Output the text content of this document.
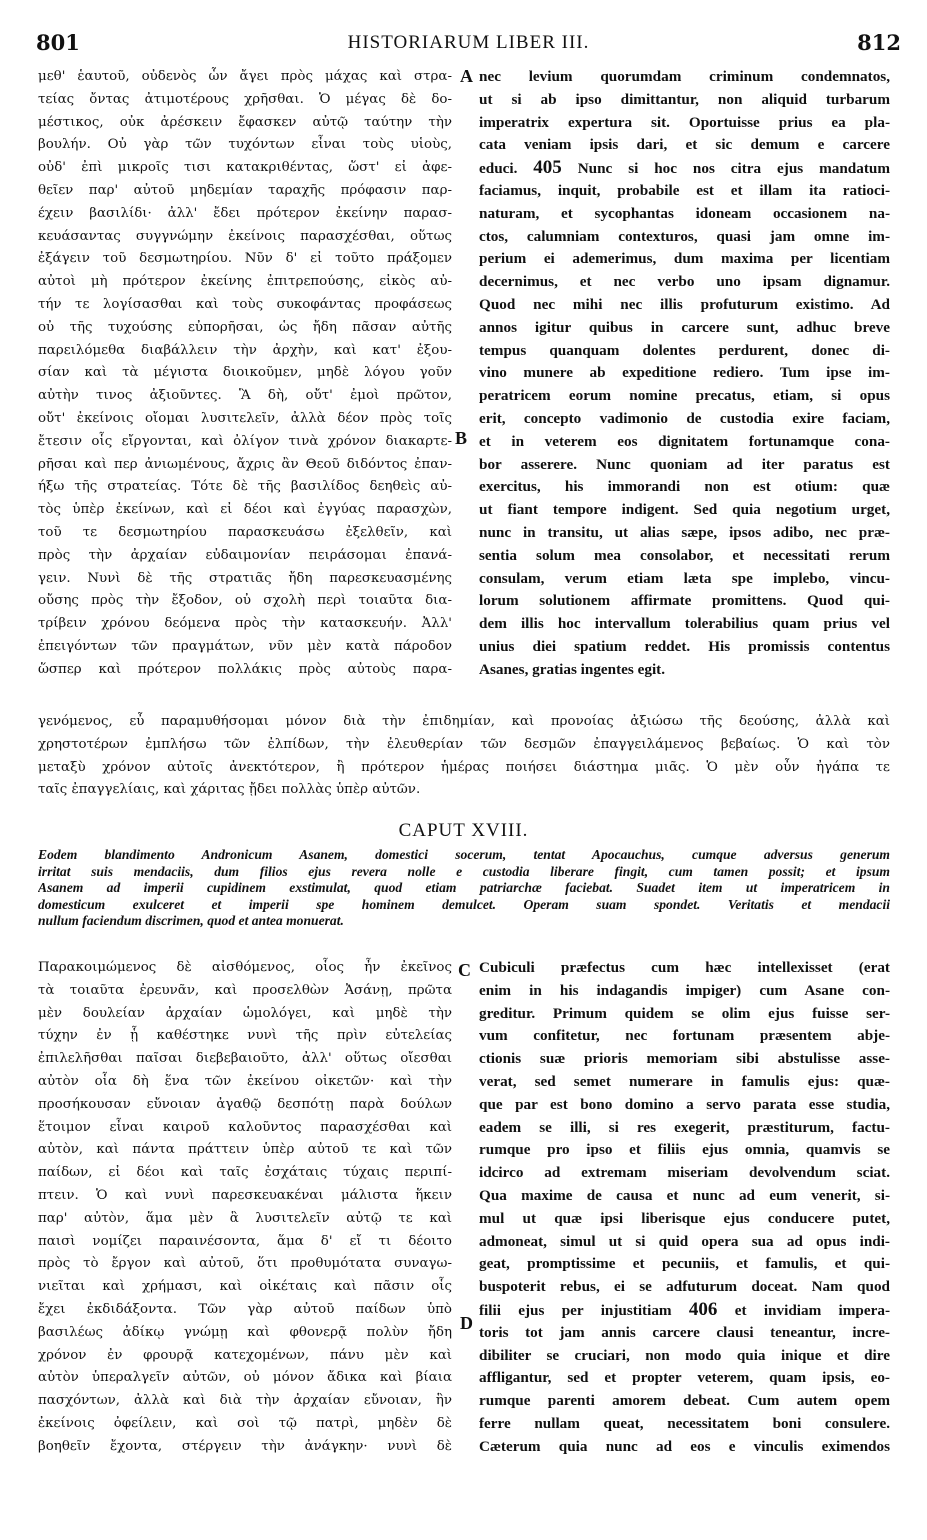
801	HISTORIARUM LIBER III.	812
μεθ' ἑαυτοῦ, οὐδενὸς ὧν ἄγει πρὸς μάχας καὶ στρα-
τείας ὄντας ἀτιμοτέρους χρῆσθαι. Ὁ μέγας δὲ δο-
μέστικος, οὐκ ἀρέσκειν ἔφασκεν αὐτῷ ταύτην τὴν
βουλήν. Οὐ γὰρ τῶν τυχόντων εἶναι τοὺς υἱοὺς,
οὐδ' ἐπὶ μικροῖς τισι κατακριθέντας, ὥστ' εἰ ἀφε-
θεῖεν παρ' αὐτοῦ μηδεμίαν ταραχῆς πρόφασιν παρ-
έχειν βασιλίδι· ἀλλ' ἔδει πρότερον ἐκείνην παρασ-
κευάσαντας συγγνώμην ἐκείνοις παρασχέσθαι, οὕτως
ἐξάγειν τοῦ δεσμωτηρίου. Νῦν δ' εἰ τοῦτο πράξομεν
αὐτοὶ μὴ πρότερον ἐκείνης ἐπιτρεπούσης, εἰκὸς αὐ-
τήν τε λογίσασθαι καὶ τοὺς συκοφάντας προφάσεως
οὐ τῆς τυχούσης εὐπορῆσαι, ὡς ἤδη πᾶσαν αὐτῆς
παρειλόμεθα διαβάλλειν τὴν ἀρχὴν, καὶ κατ' ἐξου-
σίαν καὶ τὰ μέγιστα διοικοῦμεν, μηδὲ λόγου γοῦν
αὐτὴν τινος ἀξιοῦντες. Ἃ δὴ, οὔτ' ἐμοὶ πρῶτον,
οὔτ' ἐκείνοις οἴομαι λυσιτελεῖν, ἀλλὰ δέον πρὸς τοῖς
ἔτεσιν οἷς εἴργονται, καὶ ὀλίγον τινὰ χρόνον διακαρτε-
ρῆσαι καὶ περ ἀνιωμένους, ἄχρις ἂν Θεοῦ διδόντος ἐπαν-
ήξω τῆς στρατείας. Τότε δὲ τῆς βασιλίδος δεηθεὶς αὐ-
τὸς ὑπὲρ ἐκείνων, καὶ εἰ δέοι καὶ ἐγγύας παρασχὼν,
τοῦ τε δεσμωτηρίου παρασκευάσω ἐξελθεῖν, καὶ
πρὸς τὴν ἀρχαίαν εὐδαιμονίαν πειράσομαι ἐπανά-
γειν. Νυνὶ δὲ τῆς στρατιᾶς ἤδη παρεσκευασμένης
οὔσης πρὸς τὴν ἔξοδον, οὐ σχολὴ περὶ τοιαῦτα δια-
τρίβειν χρόνου δεόμενα πρὸς τὴν κατασκευήν. Ἀλλ'
ἐπειγόντων τῶν πραγμάτων, νῦν μὲν κατὰ πάροδον
ὥσπερ καὶ πρότερον πολλάκις πρὸς αὐτοὺς παρα-
nec levium quorumdam criminum condemnatos,
ut si ab ipso dimittantur, non aliquid turbarum
imperatrix expertura sit. Oportuisse prius ea pla-
cata veniam ipsis dari, et sic demum e carcere
educi. 405 Nunc si hoc nos citra ejus mandatum
faciamus, inquit, probabile est et illam ita ratioci-
naturam, et sycophantas idoneam occasionem na-
ctos, calumniam contexturos, quasi jam omne im-
perium ei ademerimus, dum maxima per licentiam
decernimus, et nec verbo uno ipsam dignamur.
Quod nec mihi nec illis profuturum existimo. Ad
annos igitur quibus in carcere sunt, adhuc breve
tempus quanquam dolentes perdurent, donec di-
vino munere ab expeditione rediero. Tum ipse im-
peratricem eorum nomine precatus, etiam, si opus
erit, concepto vadimonio de custodia exire faciam,
et in veterem eos dignitatem fortunamque cona-
bor asserere. Nunc quoniam ad iter paratus est
exercitus, his immorandi non est otium: quæ
ut fiant tempore indigent. Sed quia negotium urget,
nunc in transitu, ut alias sæpe, ipsos adibo, nec præ-
sentia solum mea consolabor, et necessitati rerum
consulam, verum etiam læta spe implebo, vincu-
lorum solutionem affirmate promittens. Quod qui-
dem illis hoc intervallum tolerabilius quam prius vel
unius diei spatium reddet. His promissis contentus
Asanes, gratias ingentes egit.
A
B
γενόμενος, εὖ παραμυθήσομαι μόνον διὰ τὴν ἐπιδημίαν, καὶ προνοίας ἀξιώσω τῆς δεούσης, ἀλλὰ καὶ
χρηστοτέρων ἐμπλήσω τῶν ἐλπίδων, τὴν ἐλευθερίαν τῶν δεσμῶν ἐπαγγειλάμενος βεβαίως. Ὁ καὶ τὸν
μεταξὺ χρόνον αὐτοῖς ἀνεκτότερον, ἢ πρότερον ἡμέρας ποιήσει διάστημα μιᾶς. Ὁ μὲν οὖν ἠγάπα τε
ταῖς ἐπαγγελίαις, καὶ χάριτας ᾔδει πολλὰς ὑπὲρ αὐτῶν.
CAPUT XVIII.
Eodem blandimento Andronicum Asanem, domestici socerum, tentat Apocauchus, cumque adversus generum
irritat suis mendaciis, dum filios ejus revera nolle e custodia liberare fingit, cum tamen possit; et ipsum
Asanem ad imperii cupidinem exstimulat, quod etiam patriarchæ faciebat. Suadet item ut imperatricem in
domesticum exulceret et imperii spe hominem demulcet. Operam suam spondet. Veritatis et mendacii
nullum faciendum discrimen, quod et antea monuerat.
Παρακοιμώμενος δὲ αἰσθόμενος, οἷος ἦν ἐκεῖνος
τὰ τοιαῦτα ἐρευνᾶν, καὶ προσελθὼν Ἀσάνῃ, πρῶτα
μὲν δουλείαν ἀρχαίαν ὡμολόγει, καὶ μηδὲ τὴν
τύχην ἐν ᾗ καθέστηκε νυνὶ τῆς πρὶν εὐτελείας
ἐπιλελῆσθαι παῖσαι διεβεβαιοῦτο, ἀλλ' οὕτως οἴεσθαι
αὐτὸν οἷα δὴ ἕνα τῶν ἐκείνου οἰκετῶν· καὶ τὴν
προσήκουσαν εὔνοιαν ἀγαθῷ δεσπότῃ παρὰ δούλων
ἕτοιμον εἶναι καιροῦ καλοῦντος παρασχέσθαι καὶ
αὐτὸν, καὶ πάντα πράττειν ὑπὲρ αὐτοῦ τε καὶ τῶν
παίδων, εἰ δέοι καὶ ταῖς ἐσχάταις τύχαις περιπί-
πτειν. Ὁ καὶ νυνὶ παρεσκευακέναι μάλιστα ἥκειν
παρ' αὐτὸν, ἅμα μὲν ἃ λυσιτελεῖν αὐτῷ τε καὶ
παισὶ νομίζει παραινέσοντα, ἅμα δ' εἴ τι δέοιτο
πρὸς τὸ ἔργον καὶ αὐτοῦ, ὅτι προθυμότατα συναγω-
νιεῖται καὶ χρήμασι, καὶ οἰκέταις καὶ πᾶσιν οἷς
ἔχει ἐκδιδάξοντα. Τῶν γὰρ αὐτοῦ παίδων ὑπὸ
βασιλέως ἀδίκῳ γνώμῃ καὶ φθονερᾷ πολὺν ἤδη
χρόνον ἐν φρουρᾷ κατεχομένων, πάνυ μὲν καὶ
αὐτὸν ὑπεραλγεῖν αὐτῶν, οὐ μόνον ἄδικα καὶ βίαια
πασχόντων, ἀλλὰ καὶ διὰ τὴν ἀρχαίαν εὔνοιαν, ἣν
ἐκείνοις ὀφείλειν, καὶ σοὶ τῷ πατρὶ, μηδὲν δὲ
βοηθεῖν ἔχοντα, στέργειν τὴν ἀνάγκην· νυνὶ δὲ
Cubiculi præfectus cum hæc intellexisset (erat
enim in his indagandis impiger) cum Asane con-
greditur. Primum quidem se olim ejus fuisse ser-
vum confitetur, nec fortunam præsentem abje-
ctionis suæ prioris memoriam sibi abstulisse asse-
verat, sed semet numerare in famulis ejus: quæ-
que par est bono domino a servo parata esse studia,
eadem se illi, si res exegerit, præstiturum, factu-
rumque pro ipso et filiis ejus omnia, quamvis se
idcirco ad extremam miseriam devolvendum sciat.
Qua maxime de causa et nunc ad eum venerit, si-
mul ut quæ ipsi liberisque ejus conducere putet,
admoneat, simul ut si quid opera sua ad opus indi-
geat, promptissime et pecuniis, et famulis, et qui-
buspoterit rebus, ei se adfuturum doceat. Nam quod
filii ejus per injustitiam 406 et invidiam impera-
toris tot jam annis carcere clausi teneantur, incre-
dibiliter se cruciari, non modo quia inique et dire
affligantur, sed et propter veterem, quam ipsis, eo-
rumque parenti amorem debeat. Cum autem opem
ferre nullam queat, necessitatem boni consulere.
Cæterum quia nunc ad eos e vinculis eximendos
C
D
